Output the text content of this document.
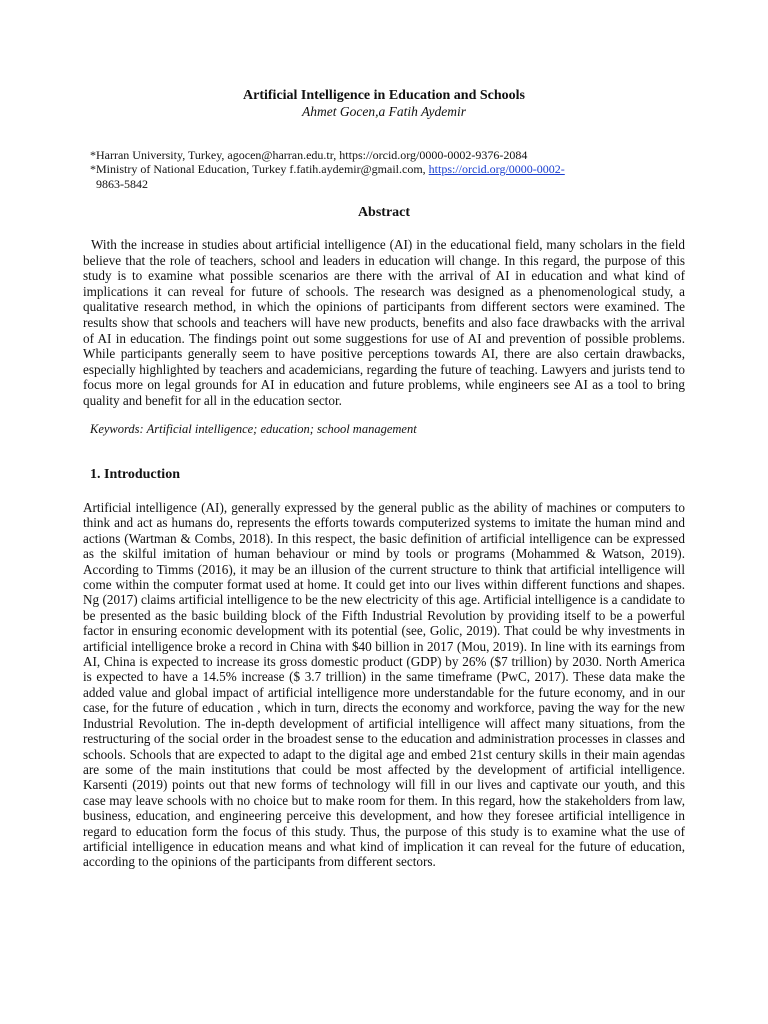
Artificial Intelligence in Education and Schools
Ahmet Gocen,a Fatih Aydemir
*Harran University, Turkey, agocen@harran.edu.tr, https://orcid.org/0000-0002-9376-2084
*Ministry of National Education, Turkey f.fatih.aydemir@gmail.com, https://orcid.org/0000-0002-
9863-5842
Abstract

With the increase in studies about artificial intelligence (AI) in the educational field, many scholars in the field believe that the role of teachers, school and leaders in education will change. In this regard, the purpose of this study is to examine what possible scenarios are there with the arrival of AI in education and what kind of implications it can reveal for future of schools. The research was designed as a phenomenological study, a qualitative research method, in which the opinions of participants from different sectors were examined. The results show that schools and teachers will have new products, benefits and also face drawbacks with the arrival of AI in education. The findings point out some suggestions for use of AI and prevention of possible problems. While participants generally seem to have positive perceptions towards AI, there are also certain drawbacks, especially highlighted by teachers and academicians, regarding the future of teaching. Lawyers and jurists tend to focus more on legal grounds for AI in education and future problems, while engineers see AI as a tool to bring quality and benefit for all in the education sector.

Keywords: Artificial intelligence; education; school management
1. Introduction

Artificial intelligence (AI), generally expressed by the general public as the ability of machines or computers to think and act as humans do, represents the efforts towards computerized systems to imitate the human mind and actions (Wartman & Combs, 2018). In this respect, the basic definition of artificial intelligence can be expressed as the skilful imitation of human behaviour or mind by tools or programs (Mohammed & Watson, 2019). According to Timms (2016), it may be an illusion of the current structure to think that artificial intelligence will come within the computer format used at home. It could get into our lives within different functions and shapes. Ng (2017) claims artificial intelligence to be the new electricity of this age. Artificial intelligence is a candidate to be presented as the basic building block of the Fifth Industrial Revolution by providing itself to be a powerful factor in ensuring economic development with its potential (see, Golic, 2019). That could be why investments in artificial intelligence broke a record in China with $40 billion in 2017 (Mou, 2019). In line with its earnings from AI, China is expected to increase its gross domestic product (GDP) by 26% ($7 trillion) by 2030. North America is expected to have a 14.5% increase ($ 3.7 trillion) in the same timeframe (PwC, 2017). These data make the added value and global impact of artificial intelligence more understandable for the future economy, and in our case, for the future of education , which in turn, directs the economy and workforce, paving the way for the new Industrial Revolution. The in-depth development of artificial intelligence will affect many situations, from the restructuring of the social order in the broadest sense to the education and administration processes in classes and schools. Schools that are expected to adapt to the digital age and embed 21st century skills in their main agendas are some of the main institutions that could be most affected by the development of artificial intelligence. Karsenti (2019) points out that new forms of technology will fill in our lives and captivate our youth, and this case may leave schools with no choice but to make room for them. In this regard, how the stakeholders from law, business, education, and engineering perceive this development, and how they foresee artificial intelligence in regard to education form the focus of this study. Thus, the purpose of this study is to examine what the use of artificial intelligence in education means and what kind of implication it can reveal for the future of education, according to the opinions of the participants from different sectors.
